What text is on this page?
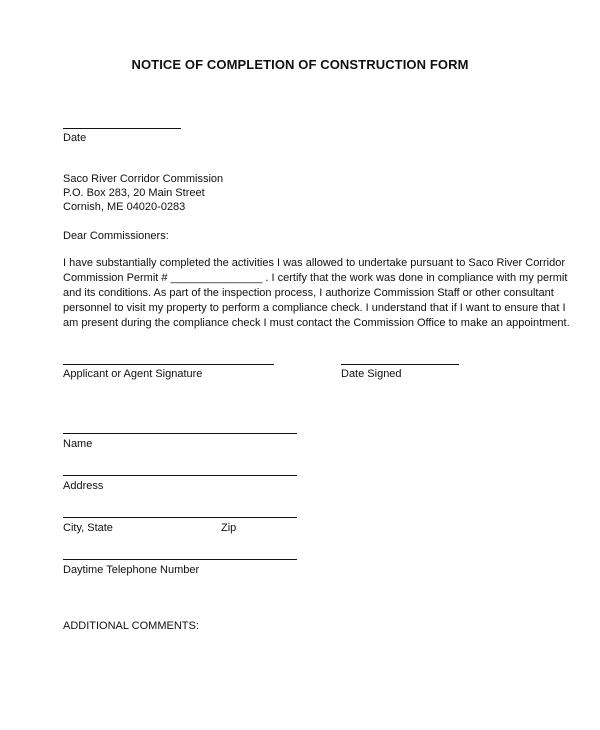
NOTICE OF COMPLETION OF CONSTRUCTION FORM
Date
Saco River Corridor Commission
P.O. Box 283, 20 Main Street
Cornish, ME 04020-0283
Dear Commissioners:
I have substantially completed the activities I was allowed to undertake pursuant to Saco River Corridor
Commission Permit # _______________ . I certify that the work was done in compliance with my permit
and its conditions. As part of the inspection process, I authorize Commission Staff or other consultant
personnel to visit my property to perform a compliance check. I understand that if I want to ensure that I
am present during the compliance check I must contact the Commission Office to make an appointment.
Applicant or Agent Signature	Date Signed
Name
Address
City, State	Zip
Daytime Telephone Number
ADDITIONAL COMMENTS:
